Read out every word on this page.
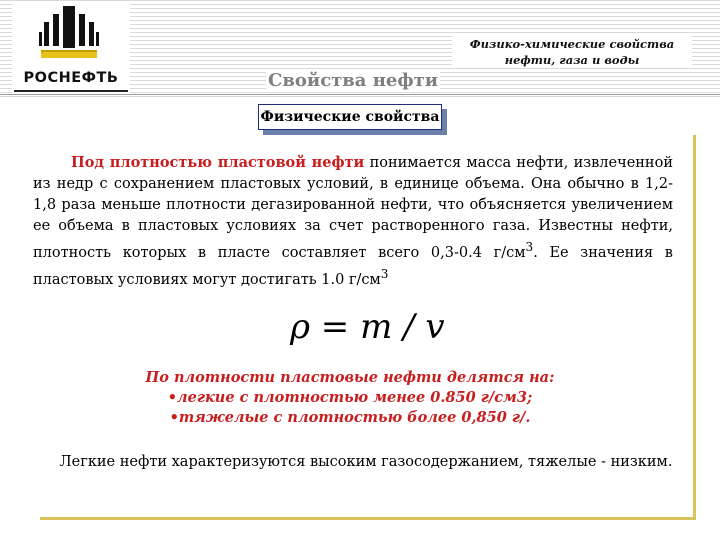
РОСНЕФТЬ
Физико-химические свойства нефти, газа и воды
Свойства нефти
Физические свойства

Под плотностью пластовой нефти понимается масса нефти, извлеченной из недр с сохранением пластовых условий, в единице объема. Она обычно в 1,2-1,8 раза меньше плотности дегазированной нефти, что объясняется увеличением ее объема в пластовых условиях за счет растворенного газа. Известны нефти, плотность которых в пласте составляет всего 0,3-0.4 $г/см^3$. Ее значения в пластовых условиях могут достигать 1.0 $г/см^3$

ρ = m / v
По плотности пластовые нефти делятся на:
•легкие с плотностью менее 0.850 г/см3;
•тяжелые с плотностью более 0,850 г/.
Легкие нефти характеризуются высоким газосодержанием, тяжелые - низким.
